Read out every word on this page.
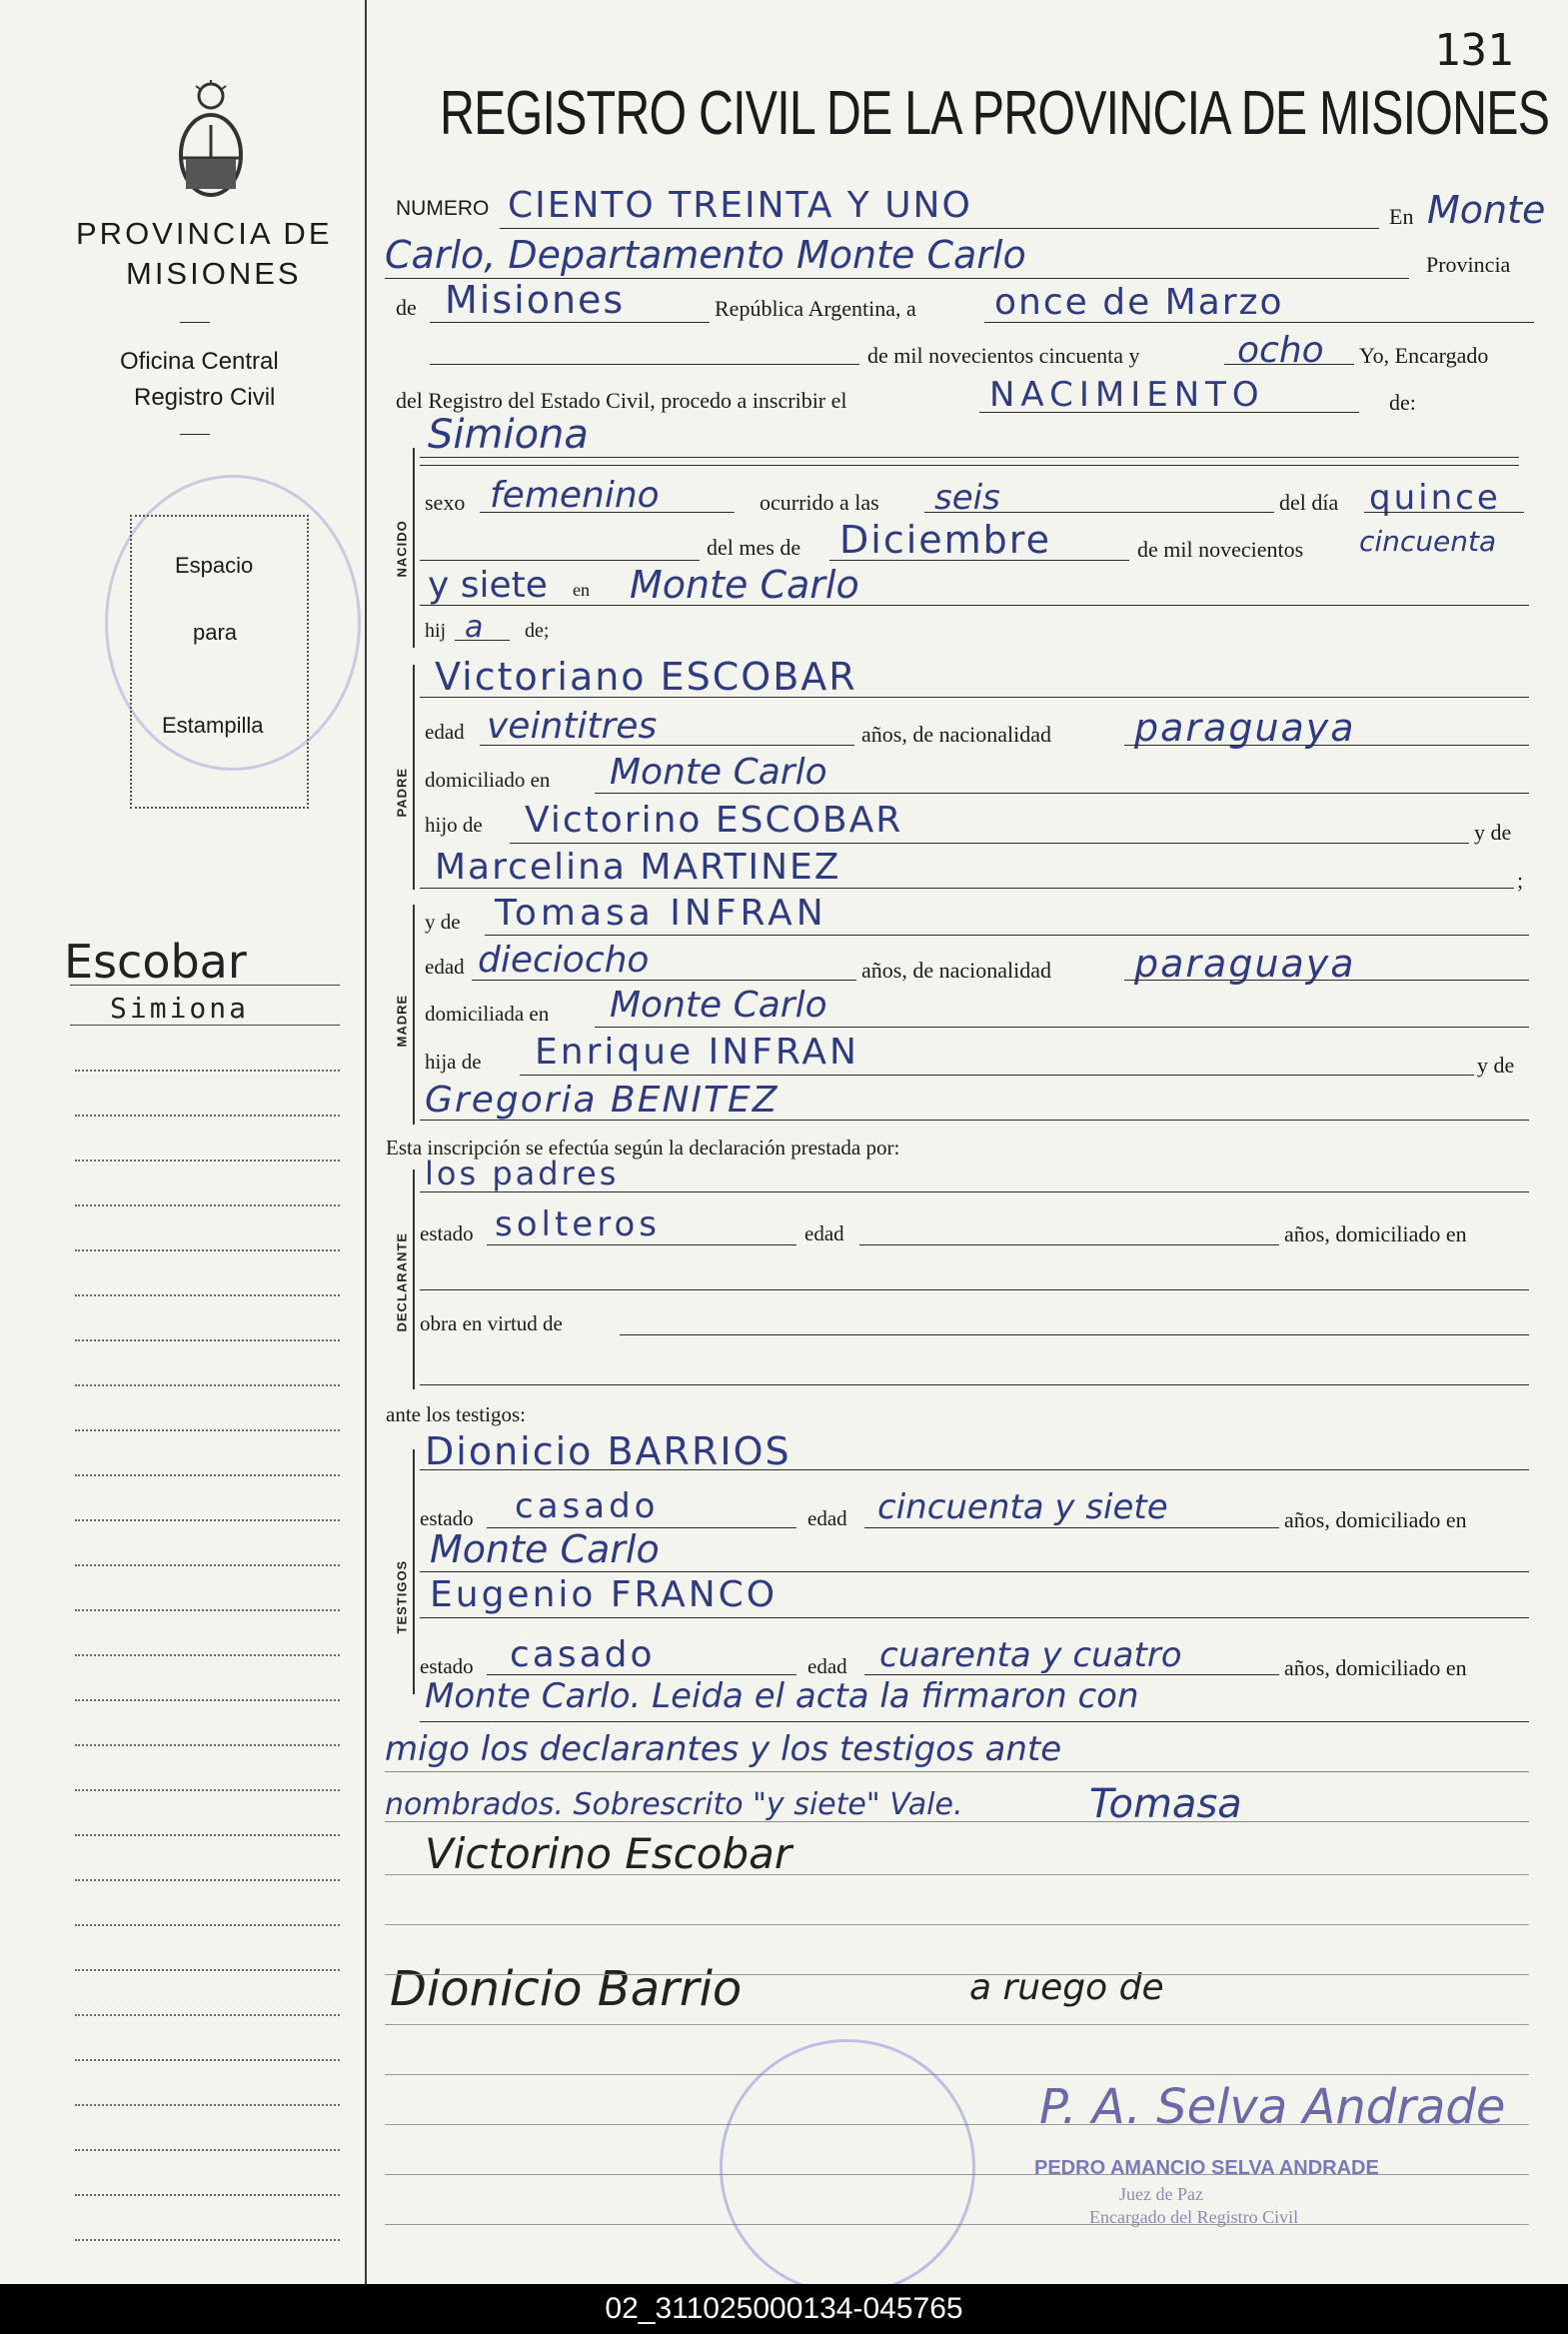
131
REGISTRO CIVIL DE LA PROVINCIA DE MISIONES
PROVINCIA DE
MISIONES
Oficina Central
Registro Civil
Espacio
para
Estampilla
Escobar
Simiona
NACIDO
PADRE
MADRE
DECLARANTE
TESTIGOS
NUMERO CIENTO TREINTA Y UNO	En Monte
Carlo, Departamento Monte Carlo	Provincia
de Misiones	República Argentina, a once de Marzo
de mil novecientos cincuenta y	ocho Yo, Encargado
del Registro del Estado Civil, procedo a inscribir el	NACIMIENTO	de:
Simiona
sexo femenino	ocurrido a las seis	del día quince
del mes de Diciembre	de mil novecientos cincuenta
y siete en Monte Carlo
hij a de;
Victoriano ESCOBAR
edad veintitres	años, de nacionalidad paraguaya
domiciliado en Monte Carlo
hijo de Victorino ESCOBAR	y de
Marcelina MARTINEZ	;
y de Tomasa INFRAN
edad dieciocho	años, de nacionalidad paraguaya
domiciliada en Monte Carlo
hija de Enrique INFRAN	y de
Gregoria BENITEZ
Esta inscripción se efectúa según la declaración prestada por:
los padres
estado solteros	edad	años, domiciliado en
obra en virtud de
ante los testigos:
Dionicio BARRIOS
estado casado	edad cincuenta y siete	años, domiciliado en
Monte Carlo
Eugenio FRANCO
estado casado	edad cuarenta y cuatro	años, domiciliado en
Monte Carlo. Leida el acta la firmaron con
migo los declarantes y los testigos ante
nombrados. Sobrescrito "y siete" Vale.	Tomasa
Victorino Escobar
Dionicio Barrio	a ruego de
P. A. Selva Andrade
PEDRO AMANCIO SELVA ANDRADE
Juez de Paz
Encargado del Registro Civil
02_311025000134-045765
